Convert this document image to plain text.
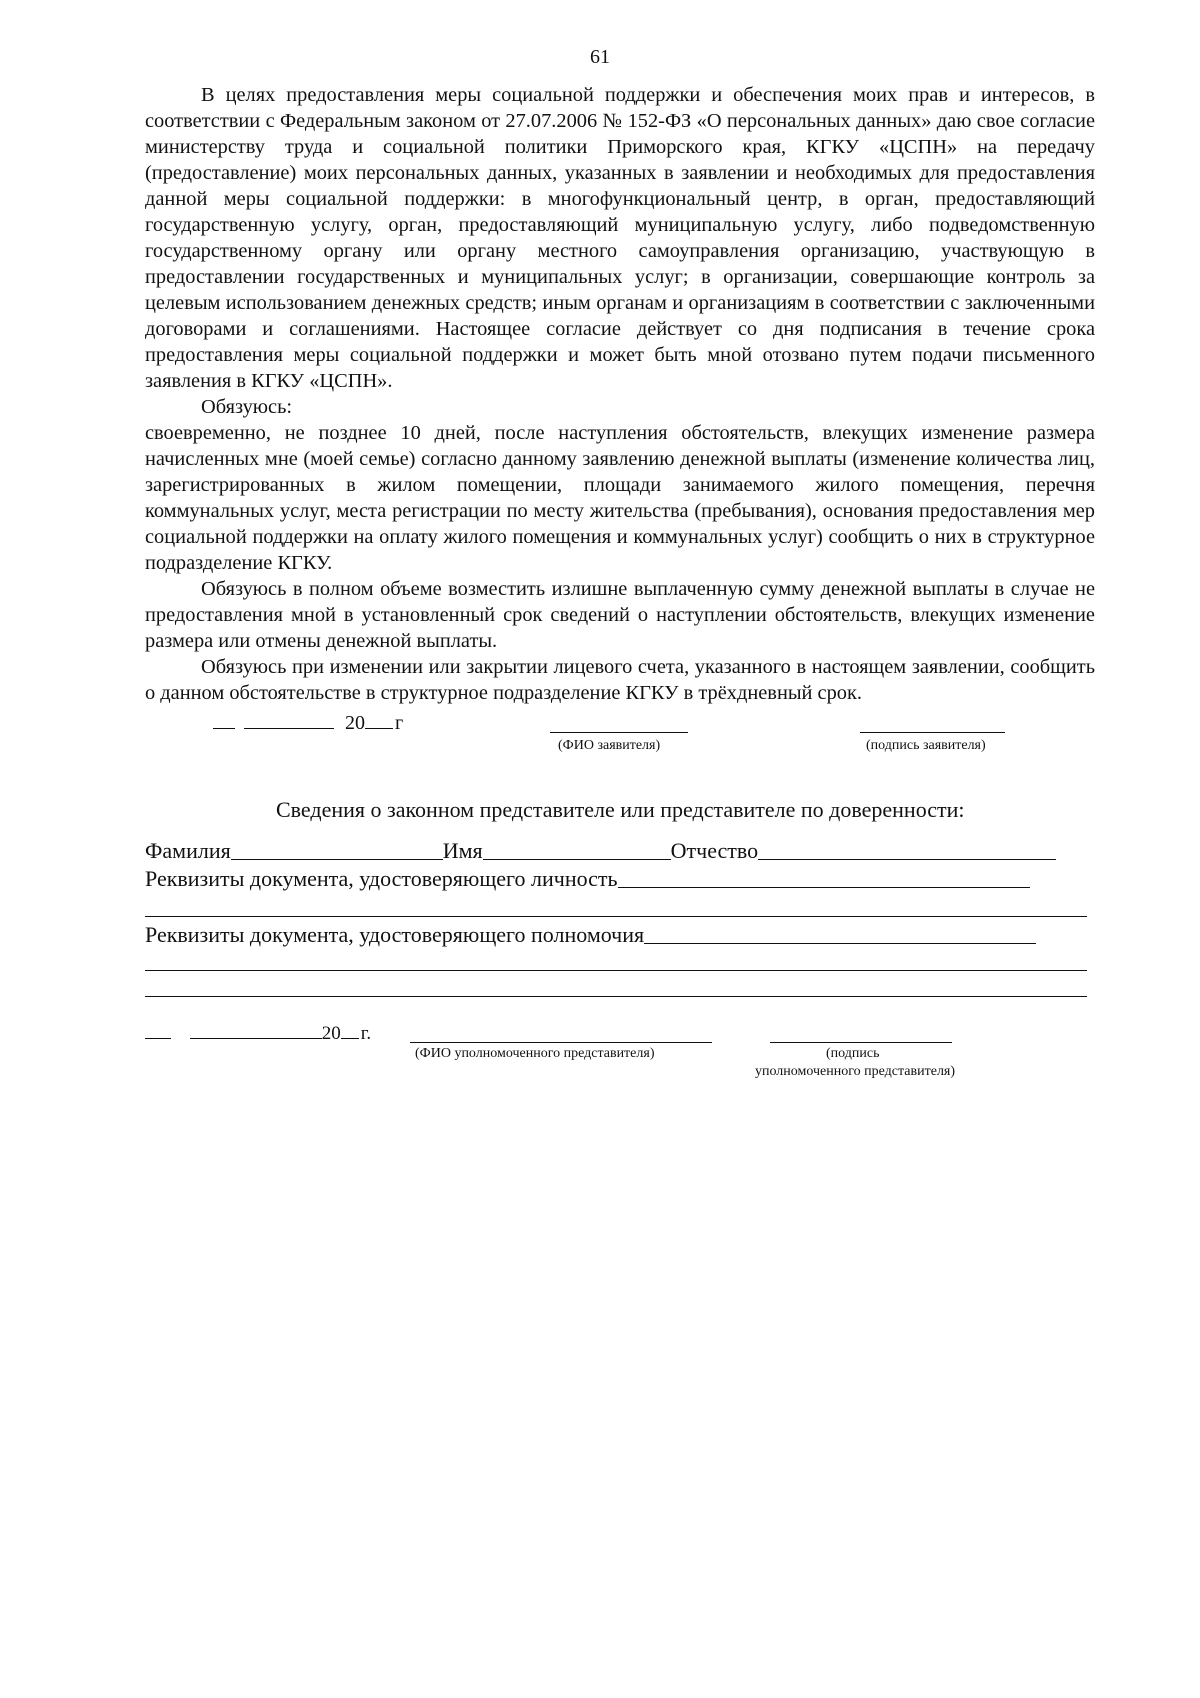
61

В целях предоставления меры социальной поддержки и обеспечения моих прав и интересов, в соответствии с Федеральным законом от 27.07.2006 № 152-ФЗ «О персональных данных» даю свое согласие министерству труда и социальной политики Приморского края, КГКУ «ЦСПН» на передачу (предоставление) моих персональных данных, указанных в заявлении и необходимых для предоставления данной меры социальной поддержки: в многофункциональный центр, в орган, предоставляющий государственную услугу, орган, предоставляющий муниципальную услугу, либо подведомственную государственному органу или органу местного самоуправления организацию, участвующую в предоставлении государственных и муниципальных услуг; в организации, совершающие контроль за целевым использованием денежных средств; иным органам и организациям в соответствии с заключенными договорами и соглашениями. Настоящее согласие действует со дня подписания в течение срока предоставления меры социальной поддержки и может быть мной отозвано путем подачи письменного заявления в КГКУ «ЦСПН».

Обязуюсь:

своевременно, не позднее 10 дней, после наступления обстоятельств, влекущих изменение размера начисленных мне (моей семье) согласно данному заявлению денежной выплаты (изменение количества лиц, зарегистрированных в жилом помещении, площади занимаемого жилого помещения, перечня коммунальных услуг, места регистрации по месту жительства (пребывания), основания предоставления мер социальной поддержки на оплату жилого помещения и коммунальных услуг) сообщить о них в структурное подразделение КГКУ.

Обязуюсь в полном объеме возместить излишне выплаченную сумму денежной выплаты в случае не предоставления мной в установленный срок сведений о наступлении обстоятельств, влекущих изменение размера или отмены денежной выплаты.

Обязуюсь при изменении или закрытии лицевого счета, указанного в настоящем заявлении, сообщить о данном обстоятельстве в структурное подразделение КГКУ в трёхдневный срок.

20 г
(ФИО заявителя)	(подпись заявителя)
Сведения о законном представителе или представителе по доверенности:
Фамилия	Имя	Отчество
Реквизиты документа, удостоверяющего личность
Реквизиты документа, удостоверяющего полномочия
20 г.
(ФИО уполномоченного представителя)	(подпись
уполномоченного представителя)
